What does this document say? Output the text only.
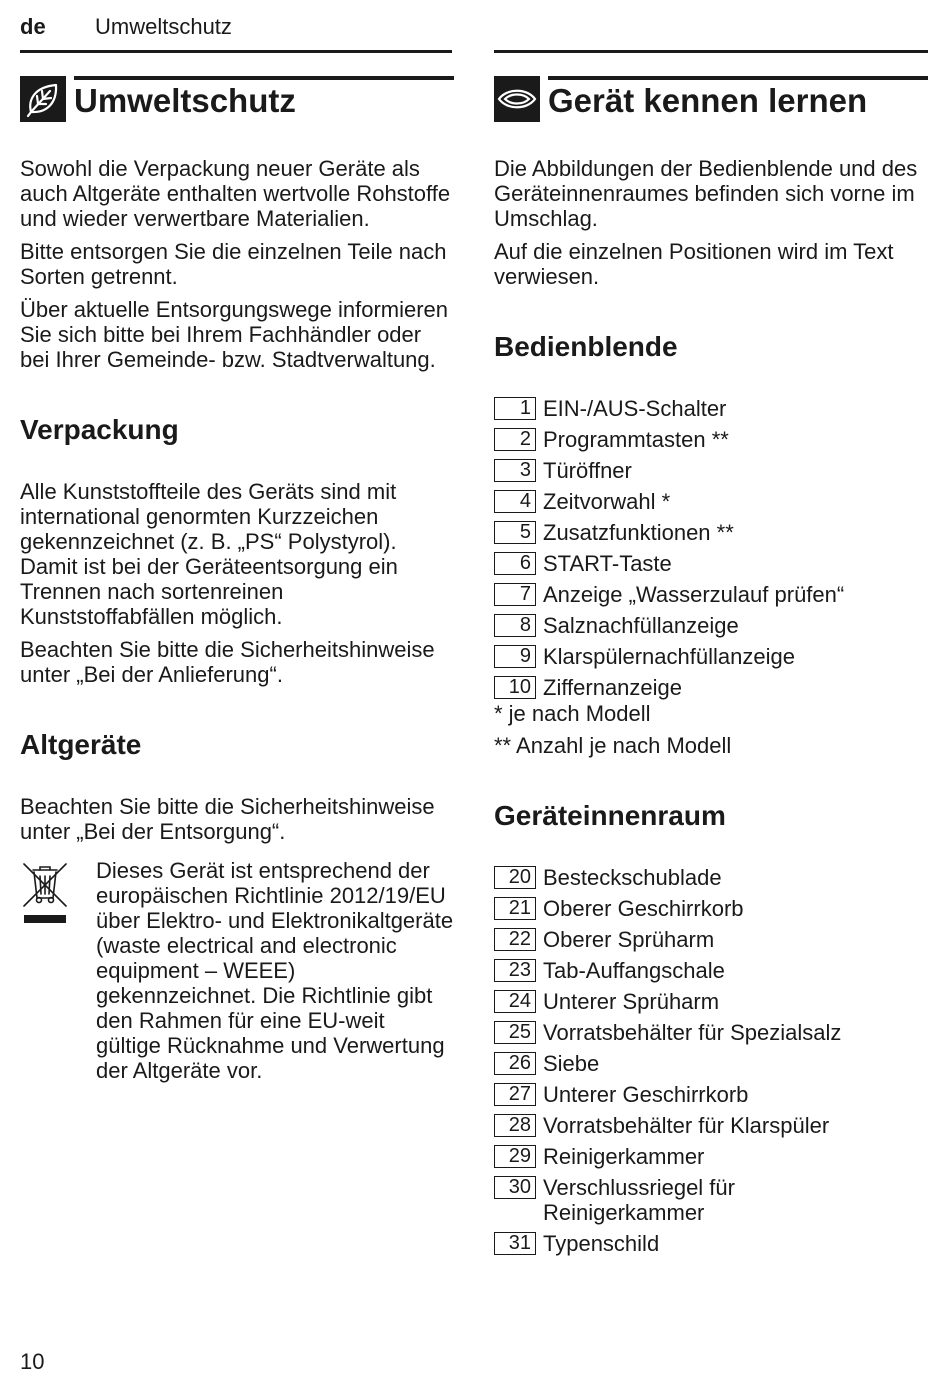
de Umweltschutz
Umweltschutz

Sowohl die Verpackung neuer Geräte als auch Altgeräte enthalten wertvolle Rohstoffe und wieder verwertbare Materialien.

Bitte entsorgen Sie die einzelnen Teile nach Sorten getrennt.

Über aktuelle Entsorgungswege informieren Sie sich bitte bei Ihrem Fachhändler oder bei Ihrer Gemeinde- bzw. Stadtverwaltung.

Verpackung

Alle Kunststoffteile des Geräts sind mit international genormten Kurzzeichen gekennzeichnet (z. B. „PS“ Polystyrol). Damit ist bei der Geräteentsorgung ein Trennen nach sortenreinen Kunststoffabfällen möglich.

Beachten Sie bitte die Sicherheitshinweise unter „Bei der Anlieferung“.

Altgeräte

Beachten Sie bitte die Sicherheitshinweise unter „Bei der Entsorgung“.

Dieses Gerät ist entsprechend der europäischen Richtlinie 2012/19/EU über Elektro- und Elektronikaltgeräte (waste electrical and electronic equipment – WEEE) gekennzeichnet. Die Richtlinie gibt den Rahmen für eine EU-weit gültige Rücknahme und Verwertung der Altgeräte vor.

Gerät kennen lernen

Die Abbildungen der Bedienblende und des Geräteinnenraumes befinden sich vorne im Umschlag.

Auf die einzelnen Positionen wird im Text verwiesen.

Bedienblende
1 EIN-/AUS-Schalter
2 Programmtasten **
3 Türöffner
4 Zeitvorwahl *
5 Zusatzfunktionen **
6 START-Taste
7 Anzeige „Wasserzulauf prüfen“
8 Salznachfüllanzeige
9 Klarspülernachfüllanzeige
10 Ziffernanzeige

* je nach Modell

** Anzahl je nach Modell

Geräteinnenraum
20 Besteckschublade
21 Oberer Geschirrkorb
22 Oberer Sprüharm
23 Tab-Auffangschale
24 Unterer Sprüharm
25 Vorratsbehälter für Spezialsalz
26 Siebe
27 Unterer Geschirrkorb
28 Vorratsbehälter für Klarspüler
29 Reinigerkammer
30 Verschlussriegel für Reinigerkammer
31 Typenschild
10
